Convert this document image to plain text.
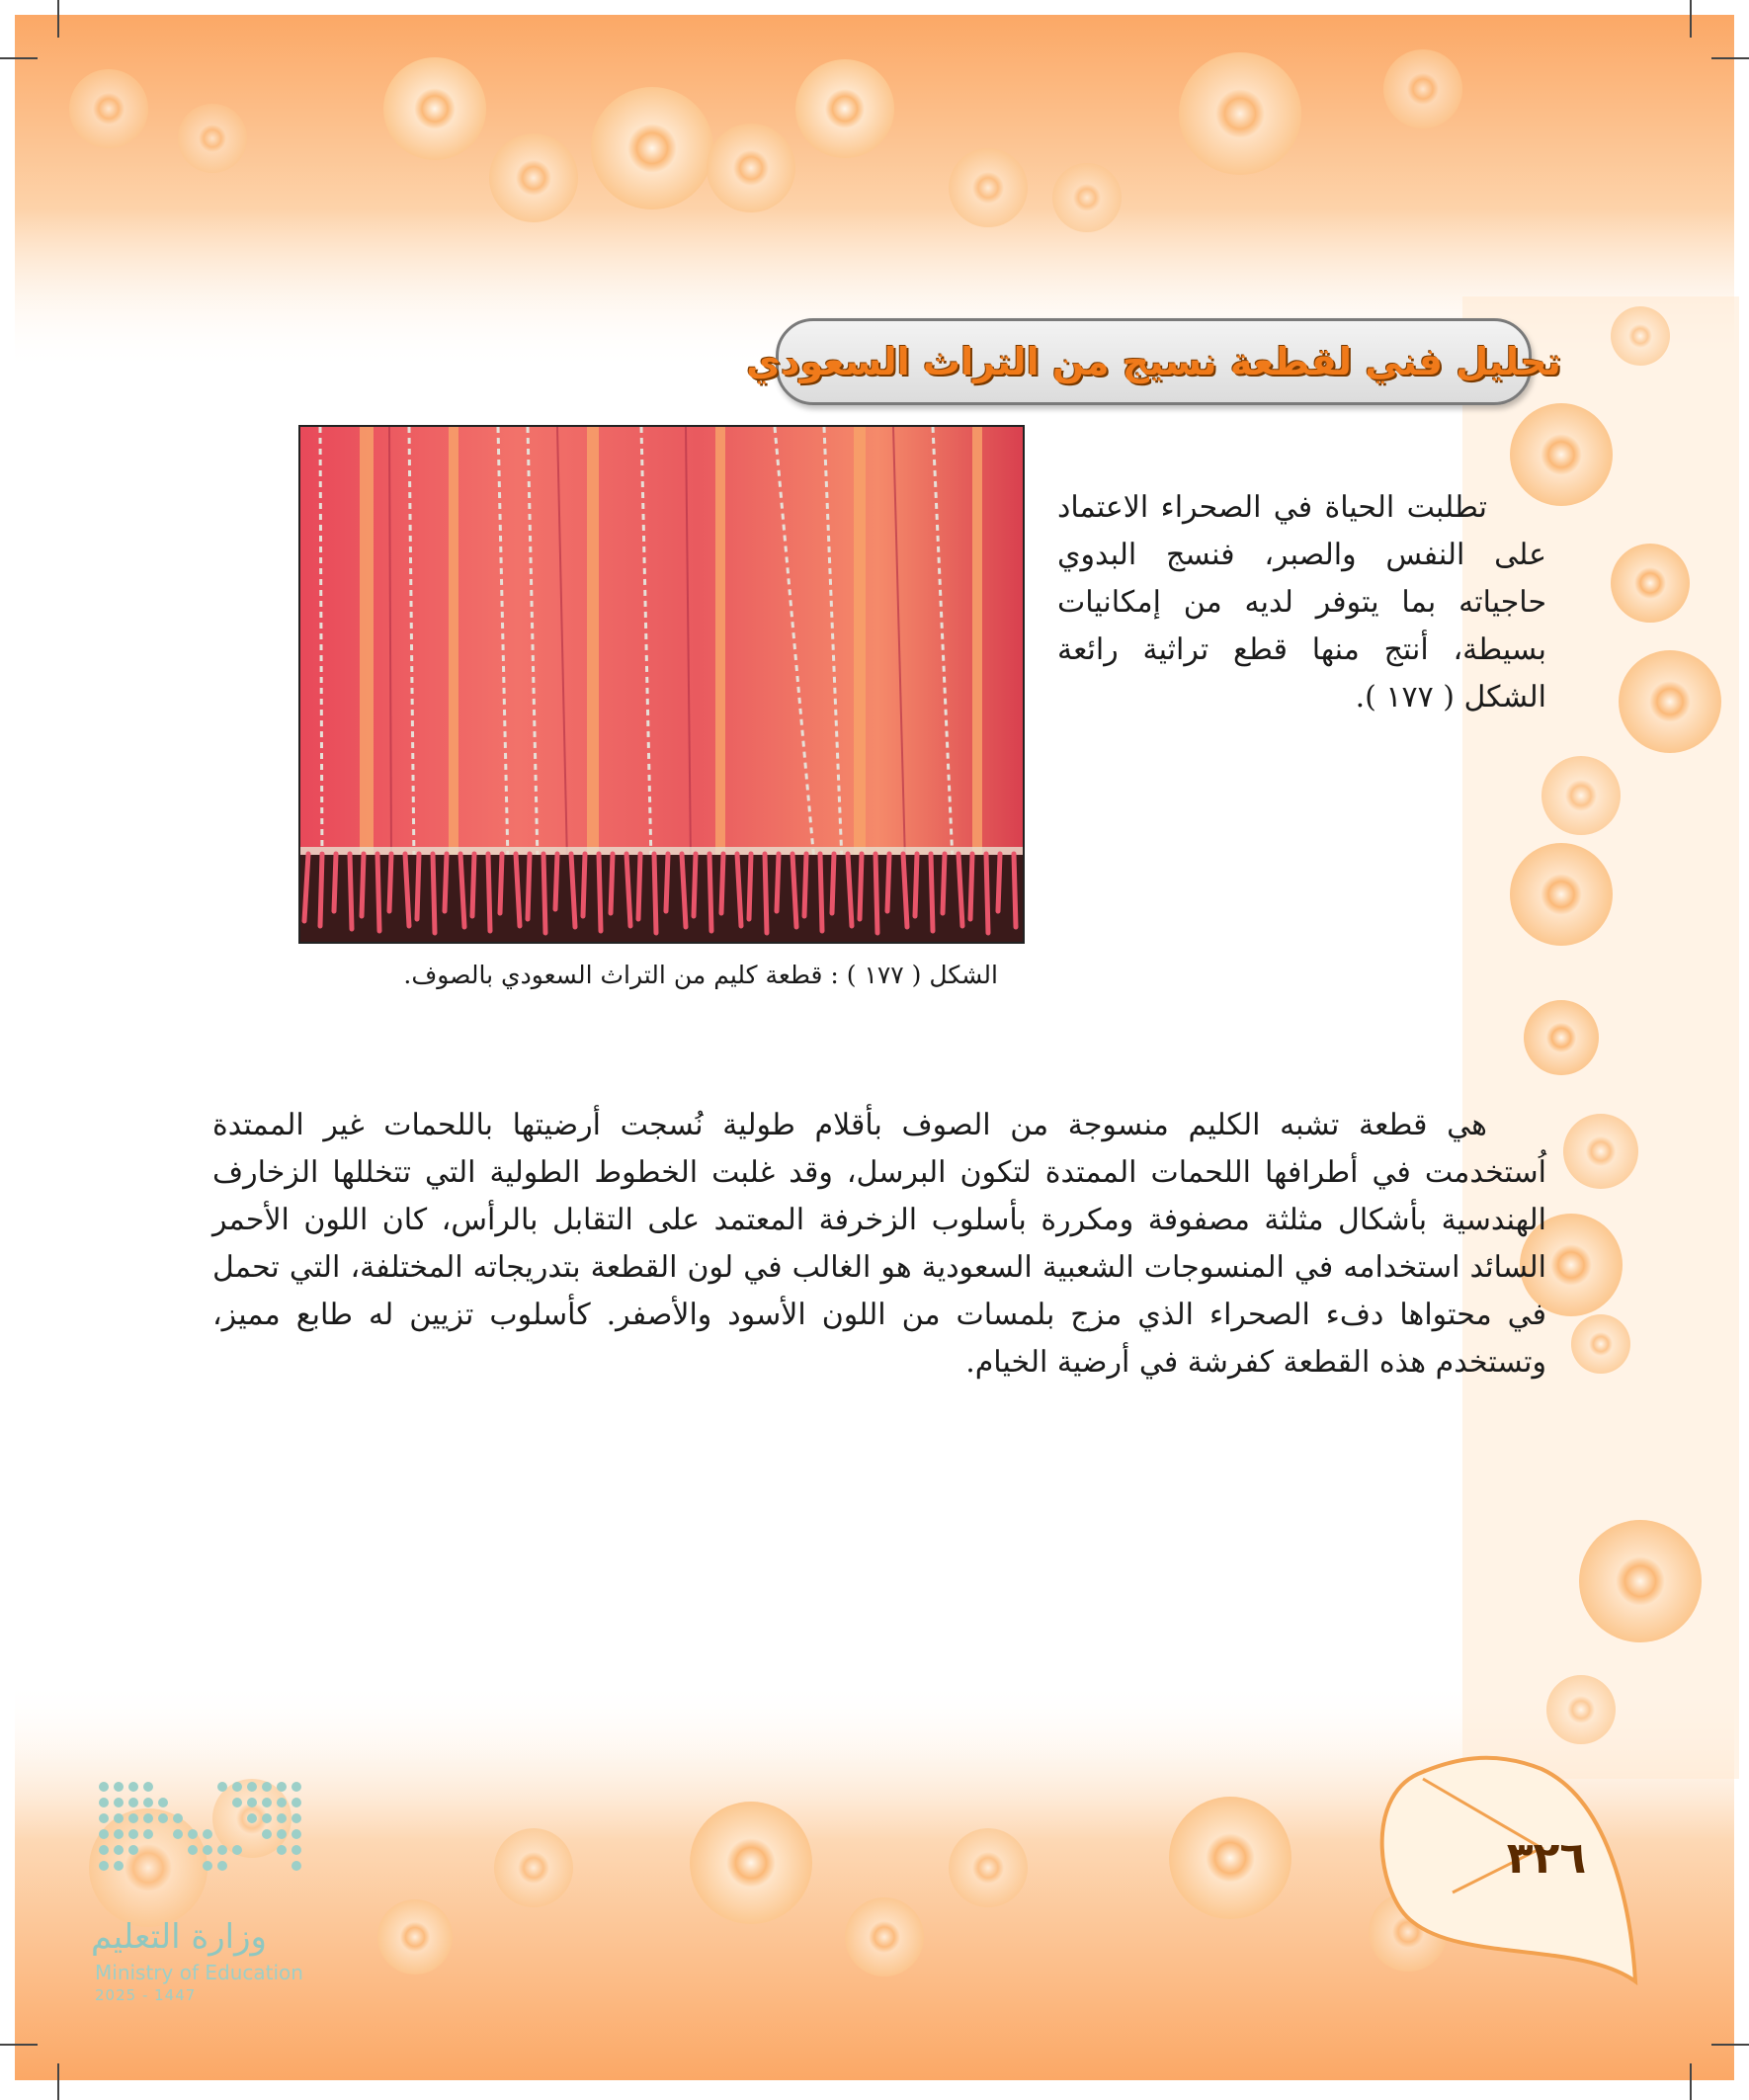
تحليل فني لقطعة نسيج من التراث السعودي
الشكل ( ١٧٧ ) : قطعة كليم من التراث السعودي بالصوف.

تطلبت الحياة في الصحراء الاعتماد على النفس والصبر، فنسج البدوي حاجياته بما يتوفر لديه من إمكانيات بسيطة، أنتج منها قطع تراثية رائعة الشكل ( ١٧٧ ).

هي قطعة تشبه الكليم منسوجة من الصوف بأقلام طولية نُسجت أرضيتها باللحمات غير الممتدة اُستخدمت في أطرافها اللحمات الممتدة لتكون البرسل، وقد غلبت الخطوط الطولية التي تتخللها الزخارف الهندسية بأشكال مثلثة مصفوفة ومكررة بأسلوب الزخرفة المعتمد على التقابل بالرأس، كان اللون الأحمر السائد استخدامه في المنسوجات الشعبية السعودية هو الغالب في لون القطعة بتدريجاته المختلفة، التي تحمل في محتواها دفء الصحراء الذي مزج بلمسات من اللون الأسود والأصفر. كأسلوب تزيين له طابع مميز، وتستخدم هذه القطعة كفرشة في أرضية الخيام.

٣٢٦
وزارة التعليم
Ministry of Education
2025 - 1447
